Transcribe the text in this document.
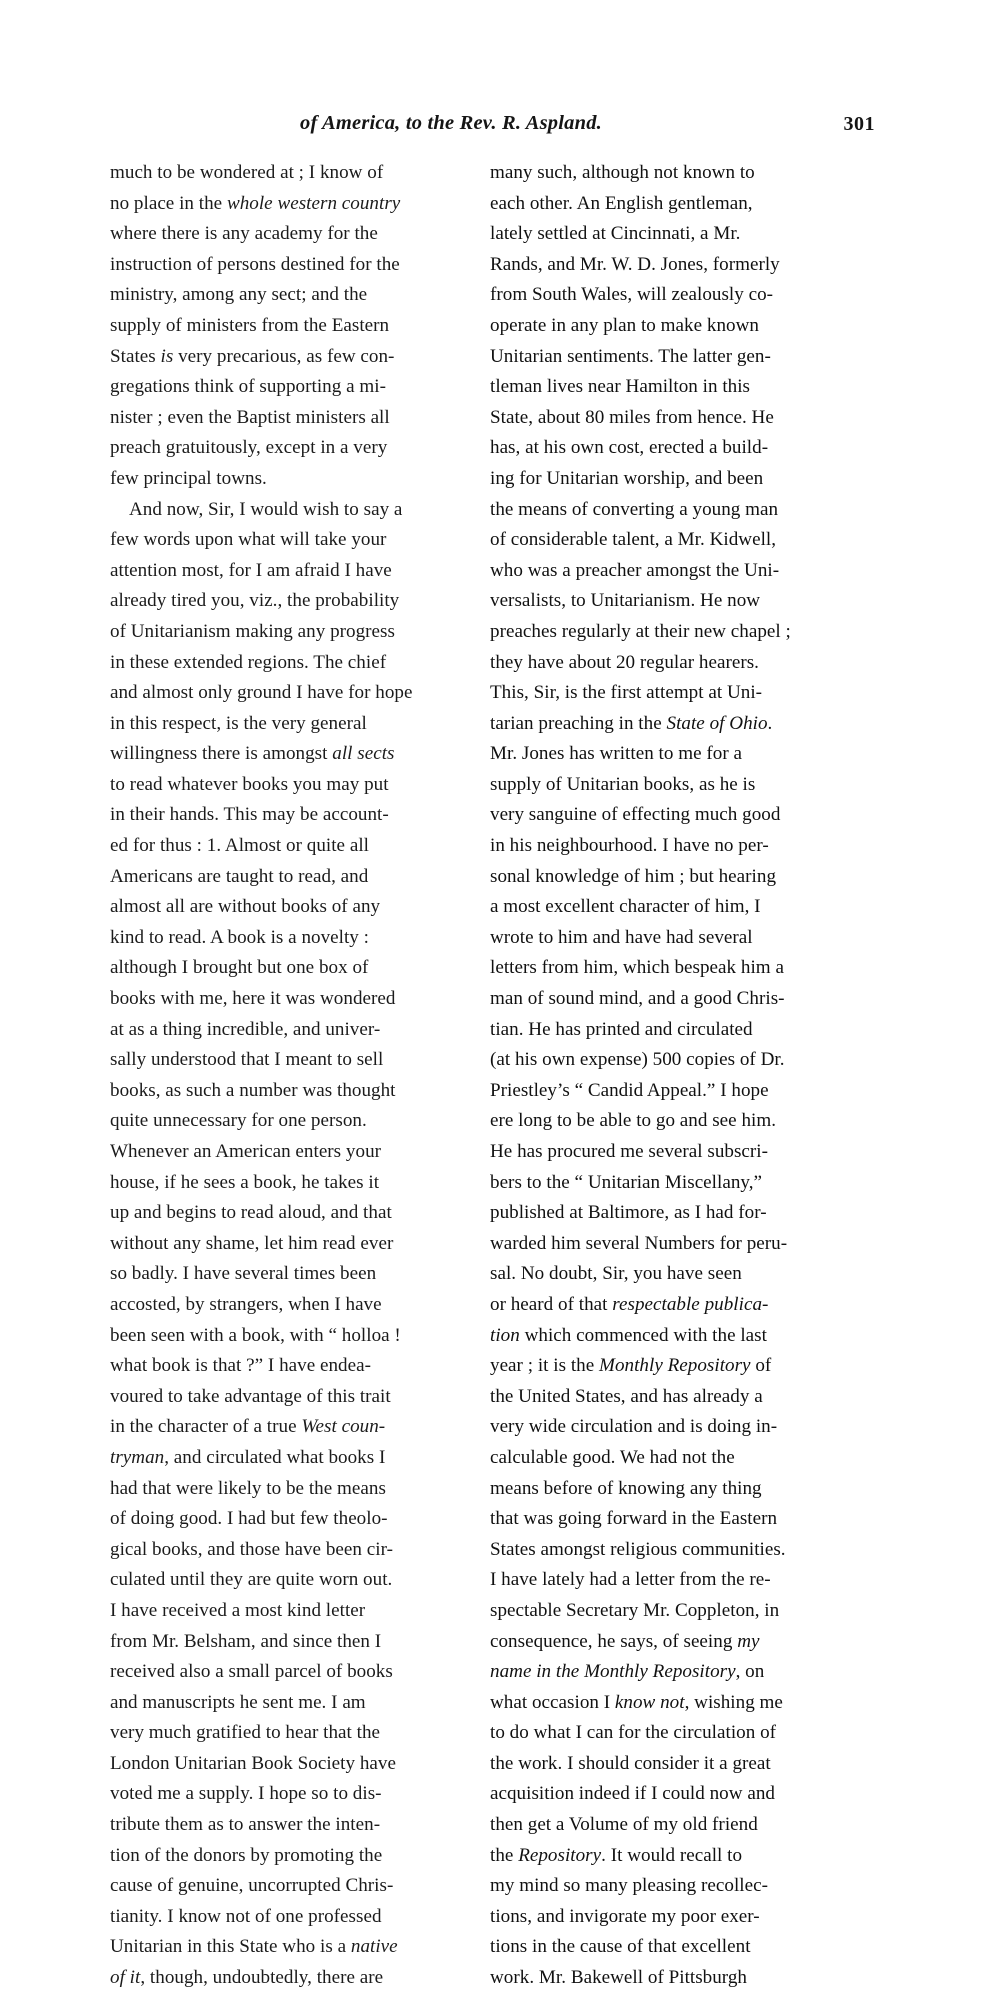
of America, to the Rev. R. Aspland.	301
much to be wondered at ; I know of
no place in the whole western country
where there is any academy for the
instruction of persons destined for the
ministry, among any sect; and the
supply of ministers from the Eastern
States is very precarious, as few con-
gregations think of supporting a mi-
nister ; even the Baptist ministers all
preach gratuitously, except in a very
few principal towns.
And now, Sir, I would wish to say a
few words upon what will take your
attention most, for I am afraid I have
already tired you, viz., the probability
of Unitarianism making any progress
in these extended regions. The chief
and almost only ground I have for hope
in this respect, is the very general
willingness there is amongst all sects
to read whatever books you may put
in their hands. This may be account-
ed for thus : 1. Almost or quite all
Americans are taught to read, and
almost all are without books of any
kind to read. A book is a novelty :
although I brought but one box of
books with me, here it was wondered
at as a thing incredible, and univer-
sally understood that I meant to sell
books, as such a number was thought
quite unnecessary for one person.
Whenever an American enters your
house, if he sees a book, he takes it
up and begins to read aloud, and that
without any shame, let him read ever
so badly. I have several times been
accosted, by strangers, when I have
been seen with a book, with “ holloa !
what book is that ?” I have endea-
voured to take advantage of this trait
in the character of a true West coun-
tryman, and circulated what books I
had that were likely to be the means
of doing good. I had but few theolo-
gical books, and those have been cir-
culated until they are quite worn out.
I have received a most kind letter
from Mr. Belsham, and since then I
received also a small parcel of books
and manuscripts he sent me. I am
very much gratified to hear that the
London Unitarian Book Society have
voted me a supply. I hope so to dis-
tribute them as to answer the inten-
tion of the donors by promoting the
cause of genuine, uncorrupted Chris-
tianity. I know not of one professed
Unitarian in this State who is a native
of it, though, undoubtedly, there are
many such, although not known to
each other. An English gentleman,
lately settled at Cincinnati, a Mr.
Rands, and Mr. W. D. Jones, formerly
from South Wales, will zealously co-
operate in any plan to make known
Unitarian sentiments. The latter gen-
tleman lives near Hamilton in this
State, about 80 miles from hence. He
has, at his own cost, erected a build-
ing for Unitarian worship, and been
the means of converting a young man
of considerable talent, a Mr. Kidwell,
who was a preacher amongst the Uni-
versalists, to Unitarianism. He now
preaches regularly at their new chapel ;
they have about 20 regular hearers.
This, Sir, is the first attempt at Uni-
tarian preaching in the State of Ohio.
Mr. Jones has written to me for a
supply of Unitarian books, as he is
very sanguine of effecting much good
in his neighbourhood. I have no per-
sonal knowledge of him ; but hearing
a most excellent character of him, I
wrote to him and have had several
letters from him, which bespeak him a
man of sound mind, and a good Chris-
tian. He has printed and circulated
(at his own expense) 500 copies of Dr.
Priestley’s “ Candid Appeal.” I hope
ere long to be able to go and see him.
He has procured me several subscri-
bers to the “ Unitarian Miscellany,”
published at Baltimore, as I had for-
warded him several Numbers for peru-
sal. No doubt, Sir, you have seen
or heard of that respectable publica-
tion which commenced with the last
year ; it is the Monthly Repository of
the United States, and has already a
very wide circulation and is doing in-
calculable good. We had not the
means before of knowing any thing
that was going forward in the Eastern
States amongst religious communities.
I have lately had a letter from the re-
spectable Secretary Mr. Coppleton, in
consequence, he says, of seeing my
name in the Monthly Repository, on
what occasion I know not, wishing me
to do what I can for the circulation of
the work. I should consider it a great
acquisition indeed if I could now and
then get a Volume of my old friend
the Repository. It would recall to
my mind so many pleasing recollec-
tions, and invigorate my poor exer-
tions in the cause of that excellent
work. Mr. Bakewell of Pittsburgh
